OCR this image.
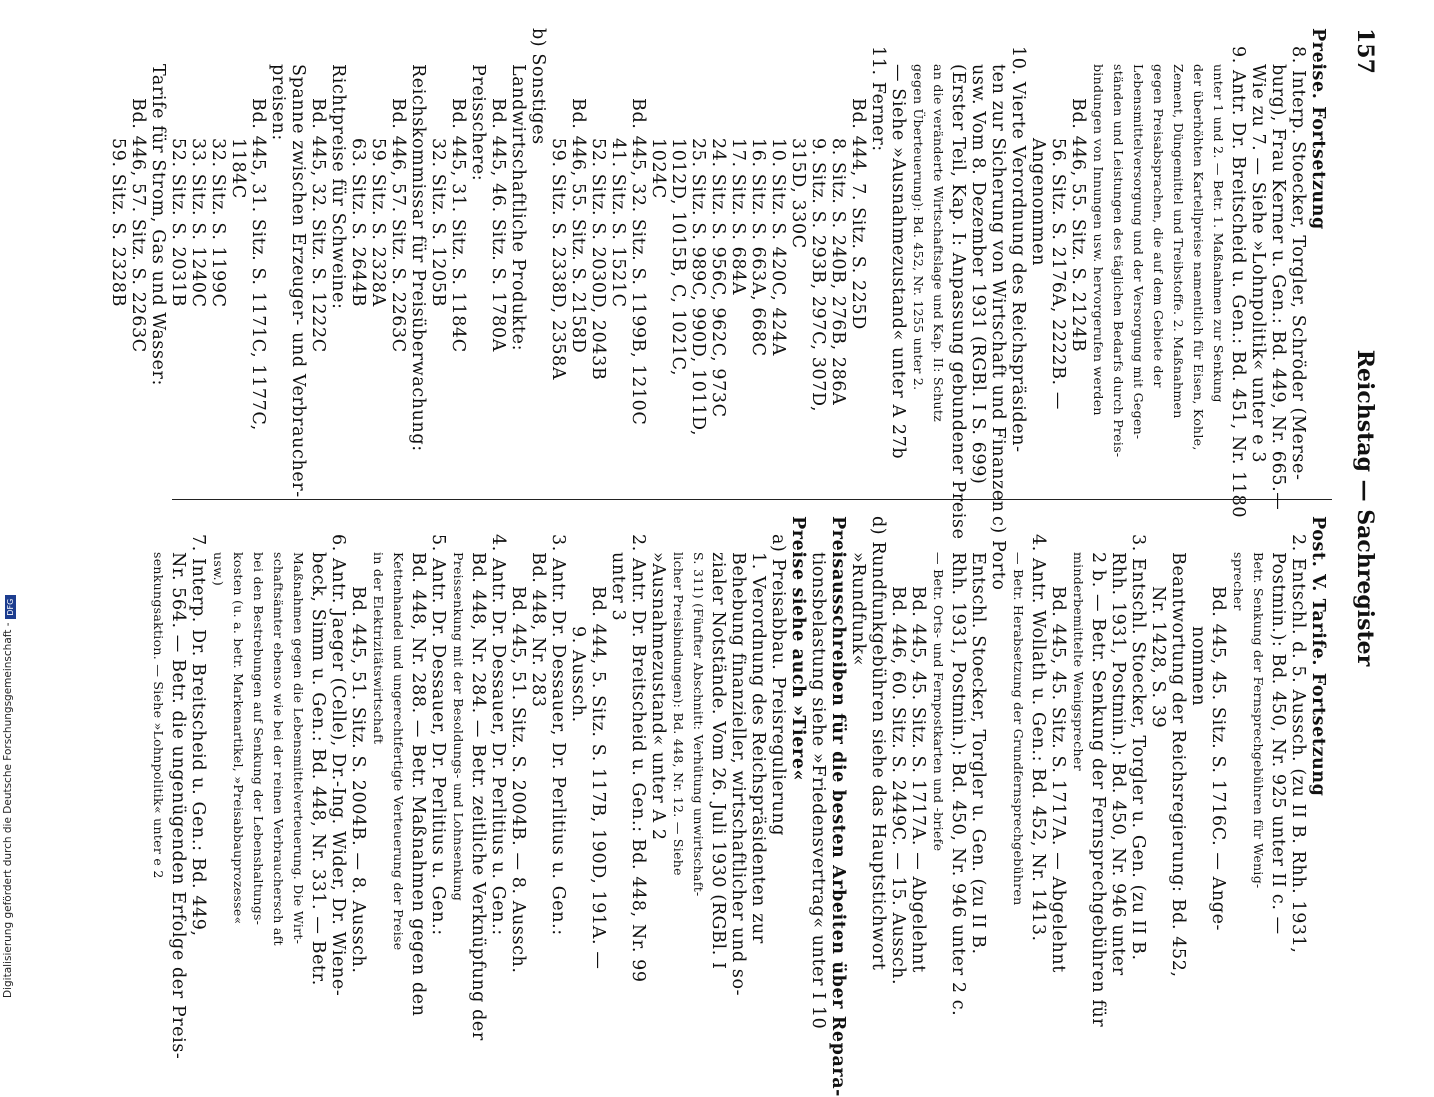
157
Reichstag — Sachregister
Preise. Fortsetzung
8. Interp. Stoecker, Torgler, Schröder (Merse-
burg), Frau Kerner u. Gen.: Bd. 449, Nr. 665.—
Wie zu 7. — Siehe »Lohnpolitik« unter e 3
9. Antr. Dr. Breitscheid u. Gen.: Bd. 451, Nr. 1180
unter 1 und 2. — Betr. 1. Maßnahmen zur Senkung
der überhöhten Kartellpreise namentlich für Eisen, Kohle,
Zement, Düngemittel und Treibstoffe. 2. Maßnahmen
gegen Preisabsprachen, die auf dem Gebiete der
Lebensmittelversorgung und der Versorgung mit Gegen-
ständen und Leistungen des täglichen Bedarfs durch Preis-
bindungen von Innungen usw. hervorgerufen werden
Bd. 446, 55. Sitz. S. 2124B
56. Sitz. S. 2176A, 2222B. —
Angenommen
10. Vierte Verordnung des Reichspräsiden-
ten zur Sicherung von Wirtschaft und Finanzen
usw. Vom 8. Dezember 1931 (RGBl. I S. 699)
(Erster Teil, Kap. I: Anpassung gebundener Preise
an die veränderte Wirtschaftslage und Kap. II: Schutz
gegen Überteuerung): Bd. 452, Nr. 1255 unter 2.
— Siehe »Ausnahmezustand« unter A 27b
11. Ferner:
Bd. 444, 7. Sitz. S. 225D
8. Sitz. S. 240B, 276B, 286A
9. Sitz. S. 293B, 297C, 307D,
315D, 330C
10. Sitz. S. 420C, 424A
16. Sitz. S. 663A, 668C
17. Sitz. S. 684A
24. Sitz. S. 956C, 962C, 973C
25. Sitz. S. 989C, 990D, 1011D,
1012D, 1015B, C, 1021C,
1024C
Bd. 445, 32. Sitz. S. 1199B, 1210C
41. Sitz. S. 1521C
52. Sitz. S. 2030D, 2043B
Bd. 446, 55. Sitz. S. 2158D
59. Sitz. S. 2338D, 2358A
b) Sonstiges
Landwirtschaftliche Produkte:
Bd. 445, 46. Sitz. S. 1780A
Preisschere:
Bd. 445, 31. Sitz. S. 1184C
32. Sitz. S. 1205B
Reichskommissar für Preisüberwachung:
Bd. 446, 57. Sitz. S. 2263C
59. Sitz. S. 2328A
63. Sitz. S. 2644B
Richtpreise für Schweine:
Bd. 445, 32. Sitz. S. 1222C
Spanne zwischen Erzeuger- und Verbraucher-
preisen:
Bd. 445, 31. Sitz. S. 1171C, 1177C,
1184C
32. Sitz. S. 1199C
33. Sitz. S. 1240C
52. Sitz. S. 2031B
Tarife für Strom, Gas und Wasser:
Bd. 446, 57. Sitz. S. 2263C
59. Sitz. S. 2328B
Post. V. Tarife. Fortsetzung
2. Entschl. d. 5. Aussch. (zu II B. Rhh. 1931,
Postmin.): Bd. 450, Nr. 925 unter II c. —
Betr. Senkung der Fernsprechgebühren für Wenig-
sprecher
Bd. 445, 45. Sitz. S. 1716C. — Ange-
nommen
Beantwortung der Reichsregierung: Bd. 452,
Nr. 1428, S. 39
3. Entschl. Stoecker, Torgler u. Gen. (zu II B.
Rhh. 1931, Postmin.): Bd. 450, Nr. 946 unter
2 b. — Betr. Senkung der Fernsprechgebühren für
minderbemittelte Wenigsprecher
Bd. 445, 45. Sitz. S. 1717A. — Abgelehnt
4. Antr. Wollath u. Gen.: Bd. 452, Nr. 1413.
— Betr. Herabsetzung der Grundfernsprechgebühren
c) Porto
Entschl. Stoecker, Torgler u. Gen. (zu II B.
Rhh. 1931, Postmin.): Bd. 450, Nr. 946 unter 2 c.
— Betr. Orts- und Fernpostkarten und -briefe
Bd. 445, 45. Sitz. S. 1717A. — Abgelehnt
Bd. 446, 60. Sitz. S. 2449C. — 15. Aussch.
d) Rundfunkgebühren siehe das Hauptstichwort
»Rundfunk«
Preisausschreiben für die besten Arbeiten über Repara-
tionsbelastung siehe »Friedensvertrag« unter I 10
Preise siehe auch »Tiere«
a) Preisabbau. Preisregulierung
1. Verordnung des Reichspräsidenten zur
Behebung finanzieller, wirtschaftlicher und so-
zialer Notstände. Vom 26. Juli 1930 (RGBl. I
S. 311) (Fünfter Abschnitt: Verhütung unwirtschaft-
licher Preisbindungen): Bd. 448, Nr. 12. — Siehe
»Ausnahmezustand« unter A 2
2. Antr. Dr. Breitscheid u. Gen.: Bd. 448, Nr. 99
unter 3
Bd. 444, 5. Sitz. S. 117B, 190D, 191A. —
9. Aussch.
3. Antr. Dr. Dessauer, Dr. Perlitius u. Gen.:
Bd. 448, Nr. 283
Bd. 445, 51. Sitz. S. 2004B. — 8. Aussch.
4. Antr. Dr. Dessauer, Dr. Perlitius u. Gen.:
Bd. 448, Nr. 284. — Betr. zeitliche Verknüpfung der
Preissenkung mit der Besoldungs- und Lohnsenkung
5. Antr. Dr. Dessauer, Dr. Perlitius u. Gen.:
Bd. 448, Nr. 288. — Betr. Maßnahmen gegen den
Kettenhandel und ungerechtfertigte Verteuerung der Preise
in der Elektrizitätswirtschaft
Bd. 445, 51. Sitz. S. 2004B. — 8. Aussch.
6. Antr. Jaeger (Celle), Dr.-Ing. Wider, Dr. Wiene-
beck, Simm u. Gen.: Bd. 448, Nr. 331. — Betr.
Maßnahmen gegen die Lebensmittelverteuerung. Die Wirt-
schaftsämter ebenso wie bei der reinen Verbrauchersch aft
bei den Bestrebungen auf Senkung der Lebenshaltungs-
kosten (u. a. betr. Markenartikel, »Preisabbauprozesse«
usw.)
7. Interp. Dr. Breitscheid u. Gen.: Bd. 449,
Nr. 564. — Betr. die ungenügenden Erfolge der Preis-
senkungsaktion. — Siehe »Lohnpolitik« unter e 2
Digitalisierung gefördert durch die Deutsche Forschungsgemeinschaft - DFG
